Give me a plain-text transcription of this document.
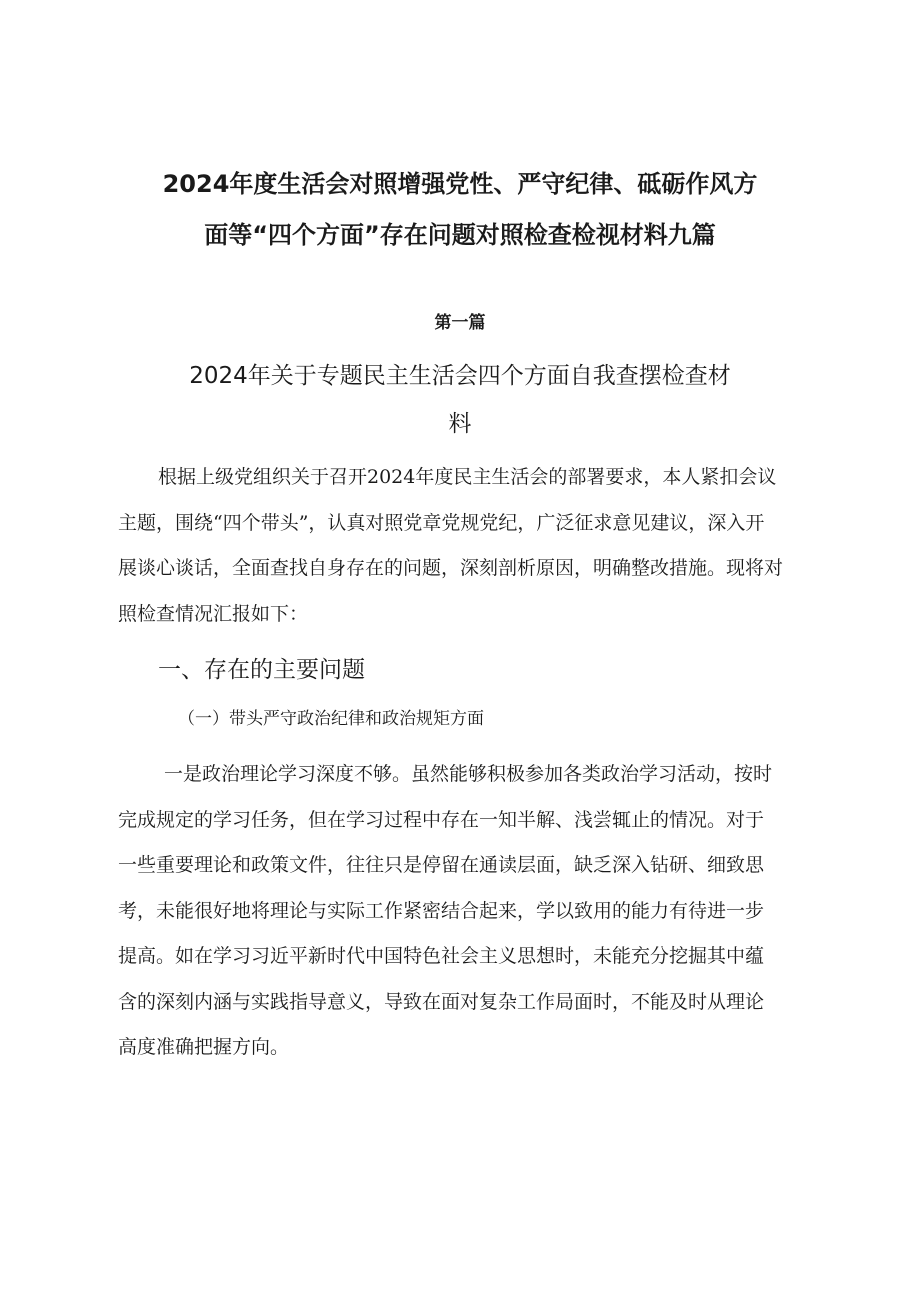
2024年度生活会对照增强党性、严守纪律、砥砺作风方
面等“四个方面”存在问题对照检查检视材料九篇
第一篇
2024年关于专题民主生活会四个方面自我查摆检查材
料
根据上级党组织关于召开2024年度民主生活会的部署要求，本人紧扣会议
主题，围绕“四个带头”，认真对照党章党规党纪，广泛征求意见建议，深入开
展谈心谈话，全面查找自身存在的问题，深刻剖析原因，明确整改措施。现将对
照检查情况汇报如下：
一、存在的主要问题
（一）带头严守政治纪律和政治规矩方面
一是政治理论学习深度不够。虽然能够积极参加各类政治学习活动，按时
完成规定的学习任务，但在学习过程中存在一知半解、浅尝辄止的情况。对于
一些重要理论和政策文件，往往只是停留在通读层面，缺乏深入钻研、细致思
考，未能很好地将理论与实际工作紧密结合起来，学以致用的能力有待进一步
提高。如在学习习近平新时代中国特色社会主义思想时，未能充分挖掘其中蕴
含的深刻内涵与实践指导意义，导致在面对复杂工作局面时，不能及时从理论
高度准确把握方向。
